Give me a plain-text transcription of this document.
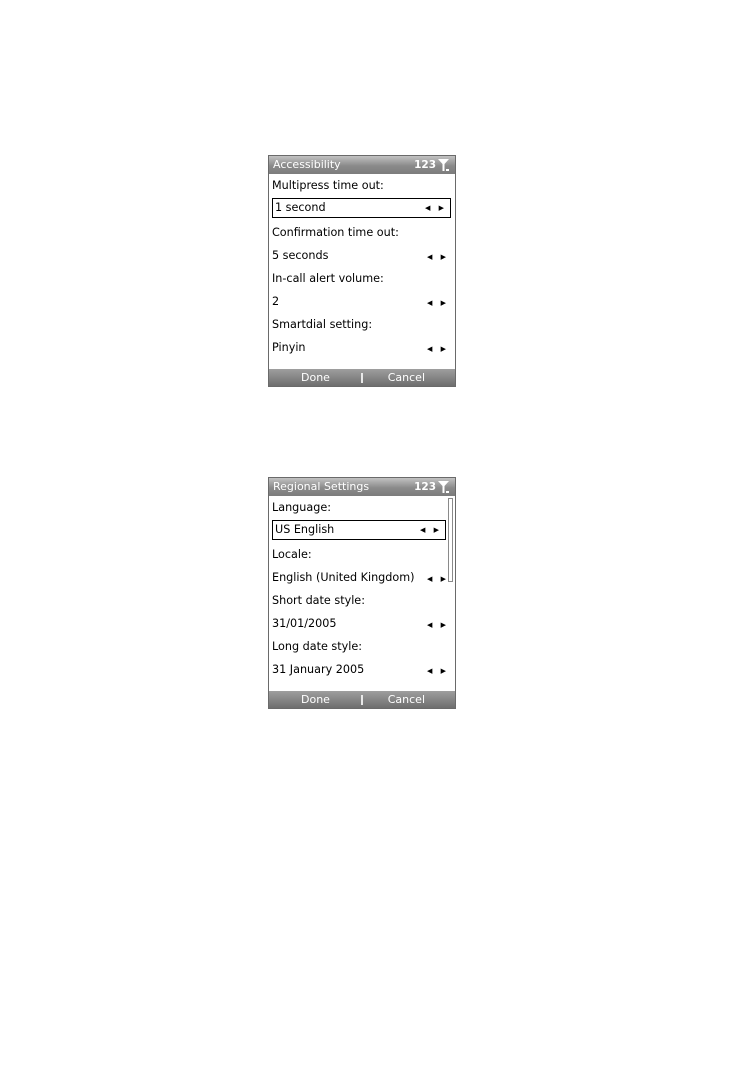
Accessibility	123
Multipress time out:
1 second	◀ ▶
Confirmation time out:
5 seconds	◀ ▶
In-call alert volume:
2	◀ ▶
Smartdial setting:
Pinyin	◀ ▶
Done	Cancel
Regional Settings	123
Language:
US English	◀ ▶
Locale:
English (United Kingdom) ◀ ▶
Short date style:
31/01/2005	◀ ▶
Long date style:
31 January 2005	◀ ▶
Done	Cancel
